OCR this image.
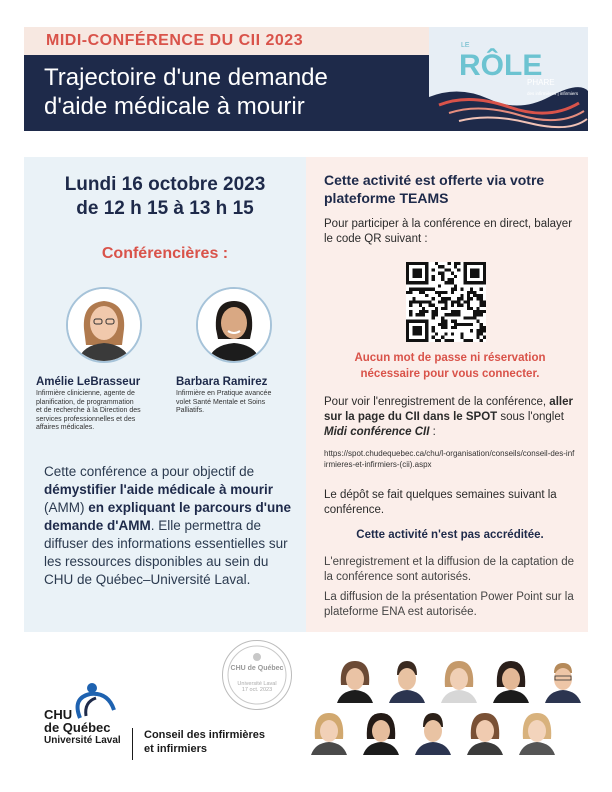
MIDI-CONFÉRENCE DU CII 2023
Trajectoire d'une demande
d'aide médicale à mourir
LE
RÔLE
PHARE
des infirmières | infirmiers
Lundi 16 octobre 2023
de 12 h 15 à 13 h 15
Conférencières :
Amélie LeBrasseur
Infirmière clinicienne, agente de
planification, de programmation
et de recherche à la Direction des
services professionnelles et des
affaires médicales.
Barbara Ramirez
Infirmière en Pratique avancée
volet Santé Mentale et Soins
Palliatifs.
Cette conférence a pour objectif de démystifier l'aide médicale à mourir (AMM) en expliquant le parcours d'une demande d'AMM. Elle permettra de diffuser des informations essentielles sur les ressources disponibles au sein du CHU de Québec–Université Laval.
Cette activité est offerte via votre plateforme TEAMS
Pour participer à la conférence en direct, balayer le code QR suivant :
Aucun mot de passe ni réservation
nécessaire pour vous connecter.
Pour voir l'enregistrement de la conférence, aller sur la page du CII dans le SPOT sous l'onglet Midi conférence CII :
https://spot.chudequebec.ca/chu/l-organisation/conseils/conseil-des-infirmieres-et-infirmiers-(cii).aspx
Le dépôt se fait quelques semaines suivant la conférence.
Cette activité n'est pas accréditée.
L'enregistrement et la diffusion de la captation de la conférence sont autorisés.
La diffusion de la présentation Power Point sur la plateforme ENA est autorisée.
CHU de Québec
Université Laval
17 oct. 2023
CHU
de Québec
Université Laval Conseil des infirmières
et infirmiers
